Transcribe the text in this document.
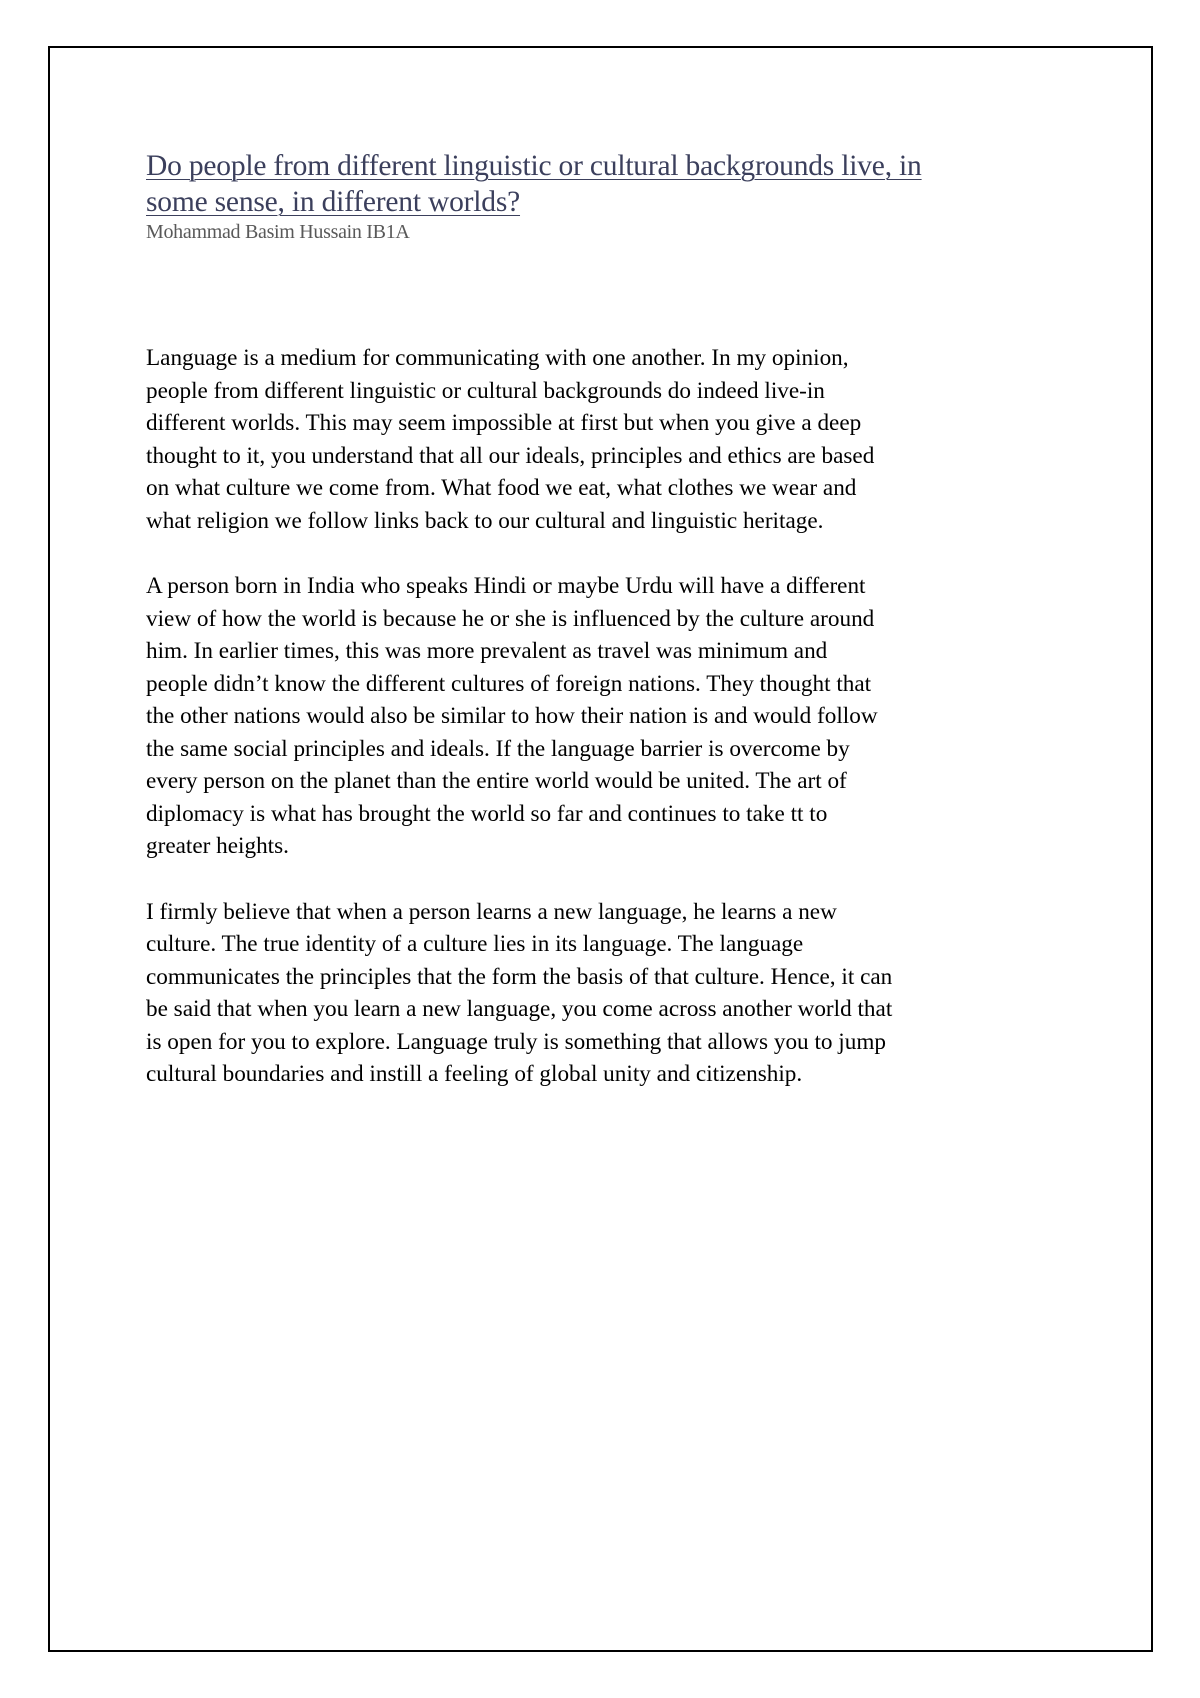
Do people from different linguistic or cultural backgrounds live, in
some sense, in different worlds?

Mohammad Basim Hussain IB1A

Language is a medium for communicating with one another. In my opinion,
people from different linguistic or cultural backgrounds do indeed live-in
different worlds. This may seem impossible at first but when you give a deep
thought to it, you understand that all our ideals, principles and ethics are based
on what culture we come from. What food we eat, what clothes we wear and
what religion we follow links back to our cultural and linguistic heritage.

A person born in India who speaks Hindi or maybe Urdu will have a different
view of how the world is because he or she is influenced by the culture around
him. In earlier times, this was more prevalent as travel was minimum and
people didn’t know the different cultures of foreign nations. They thought that
the other nations would also be similar to how their nation is and would follow
the same social principles and ideals. If the language barrier is overcome by
every person on the planet than the entire world would be united. The art of
diplomacy is what has brought the world so far and continues to take tt to
greater heights.

I firmly believe that when a person learns a new language, he learns a new
culture. The true identity of a culture lies in its language. The language
communicates the principles that the form the basis of that culture. Hence, it can
be said that when you learn a new language, you come across another world that
is open for you to explore. Language truly is something that allows you to jump
cultural boundaries and instill a feeling of global unity and citizenship.
